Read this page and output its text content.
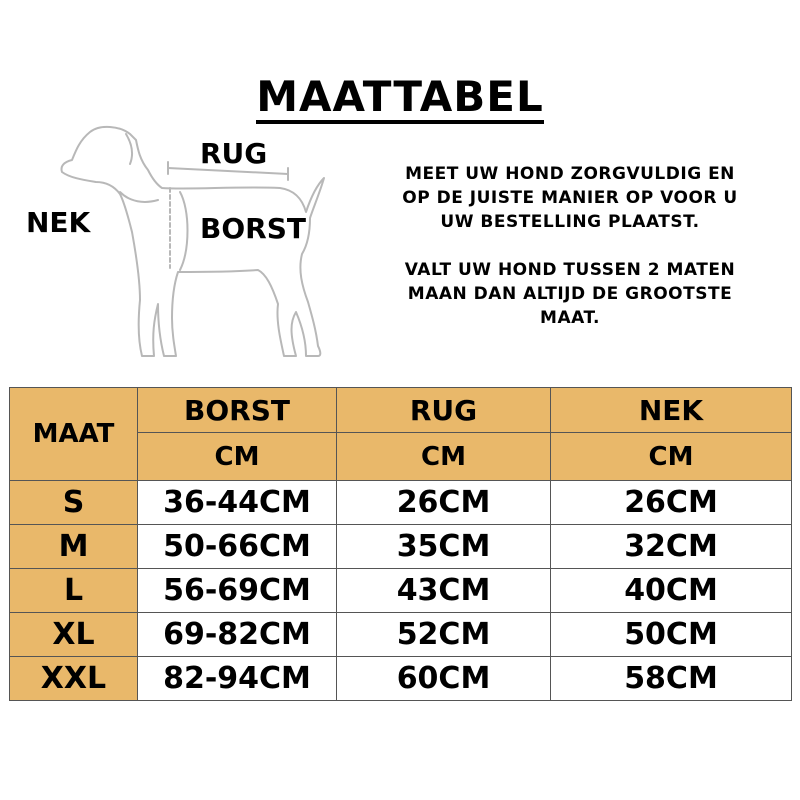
MAATTABEL
RUG
NEK	BORST
MEET UW HOND ZORGVULDIG EN
OP DE JUISTE MANIER OP VOOR U
UW BESTELLING PLAATST.
VALT UW HOND TUSSEN 2 MATEN
MAAN DAN ALTIJD DE GROOTSTE
MAAT.
MAAT	BORST	RUG	NEK
	CM	CM	CM
S	36-44CM	26CM	26CM
M	50-66CM	35CM	32CM
L	56-69CM	43CM	40CM
XL	69-82CM	52CM	50CM
XXL	82-94CM	60CM	58CM
